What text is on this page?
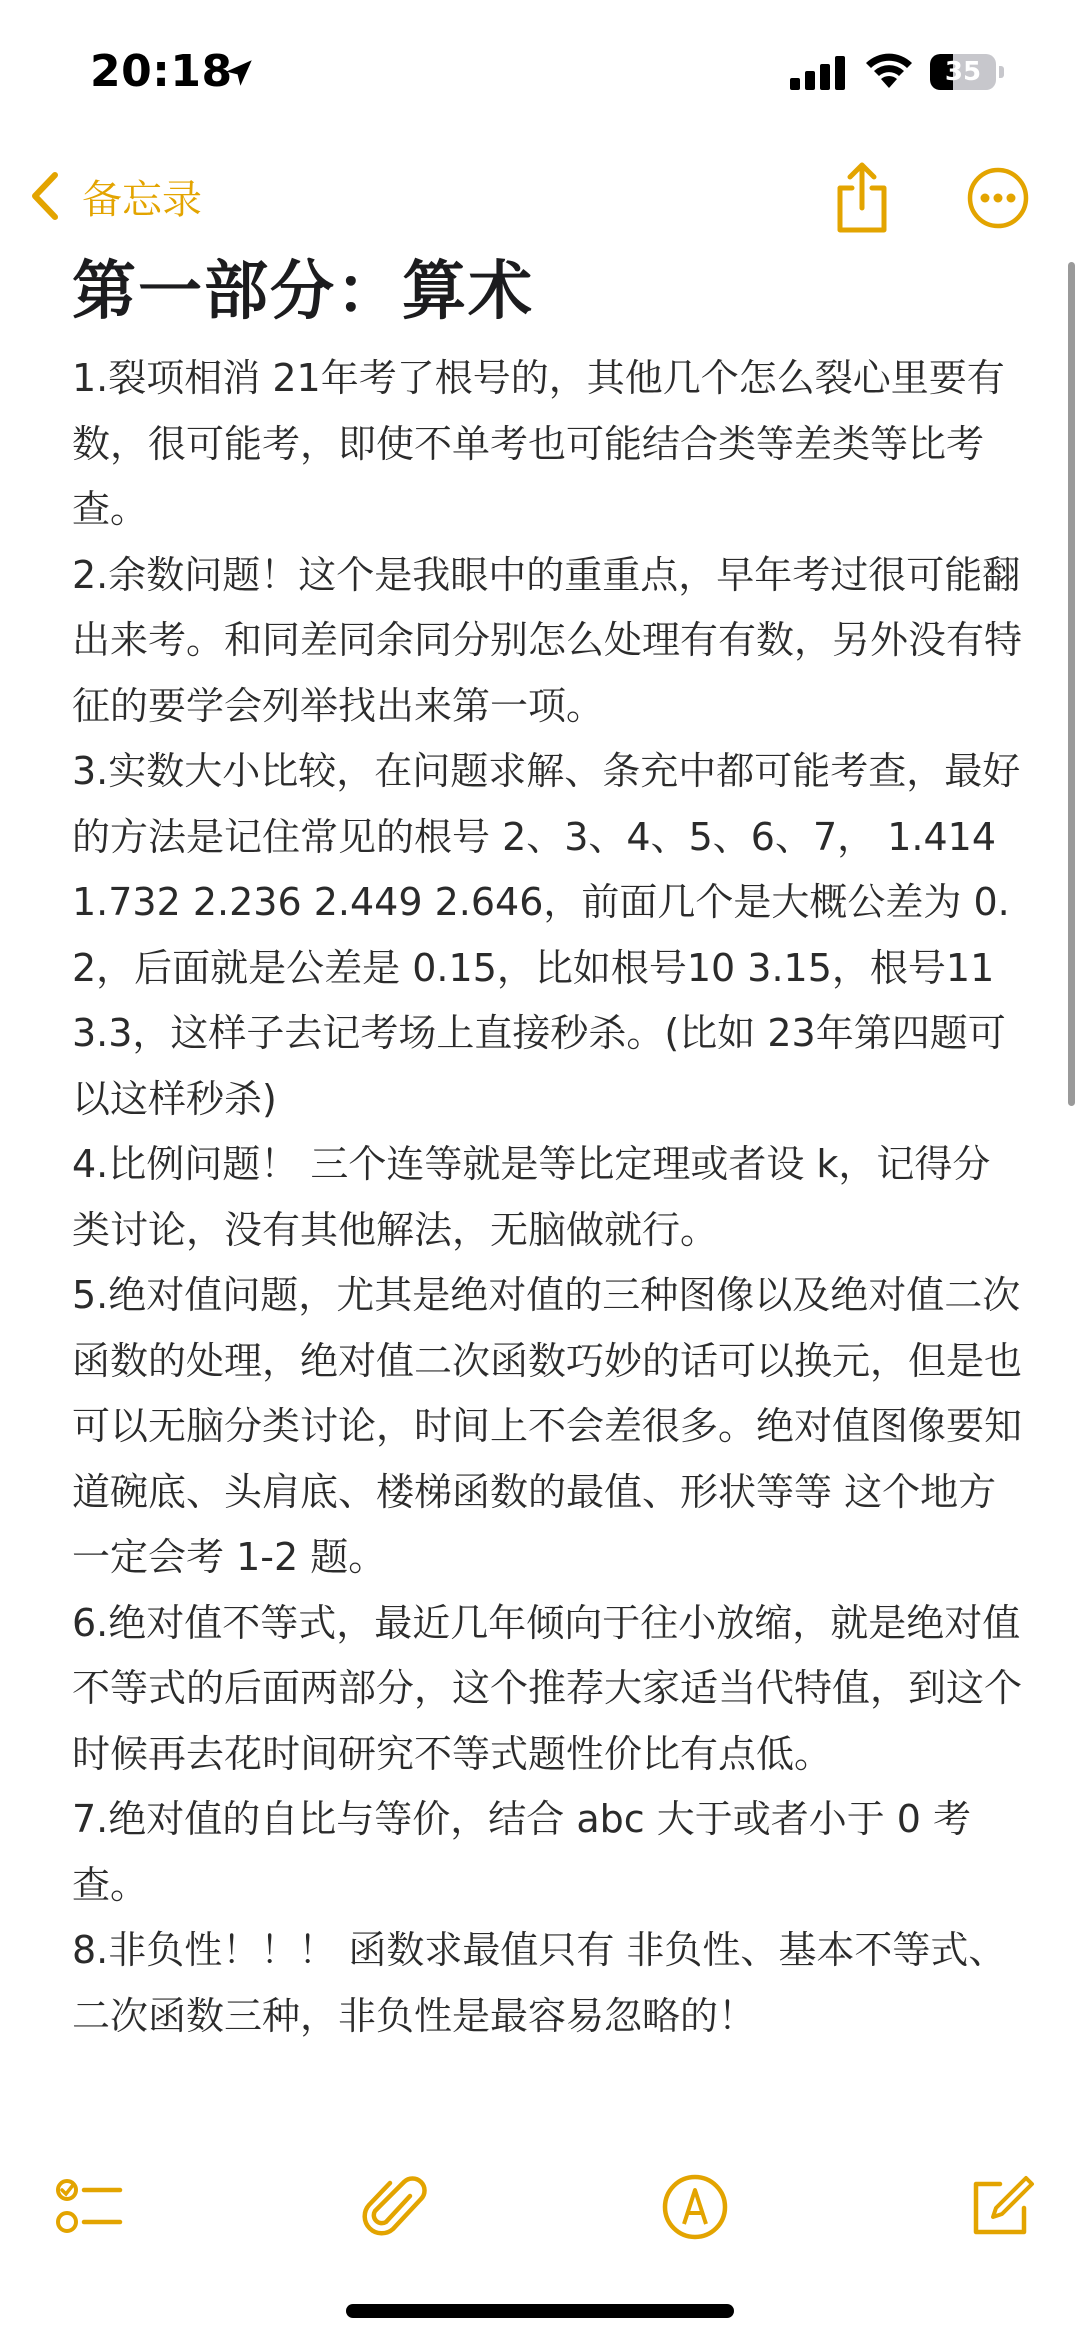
20:18	35
备忘录
第一部分：算术

1.裂项相消 21年考了根号的，其他几个怎么裂心里要有数，很可能考，即使不单考也可能结合类等差类等比考查。

2.余数问题！这个是我眼中的重重点，早年考过很可能翻出来考。和同差同余同分别怎么处理有有数，另外没有特征的要学会列举找出来第一项。

3.实数大小比较，在问题求解、条充中都可能考查，最好的方法是记住常见的根号 2、3、4、5、6、7， 1.414 1.732 2.236 2.449 2.646，前面几个是大概公差为 0.2，后面就是公差是 0.15，比如根号10 3.15，根号11 3.3，这样子去记考场上直接秒杀。(比如 23年第四题可以这样秒杀)

4.比例问题！ 三个连等就是等比定理或者设 k，记得分类讨论，没有其他解法，无脑做就行。

5.绝对值问题，尤其是绝对值的三种图像以及绝对值二次函数的处理，绝对值二次函数巧妙的话可以换元，但是也可以无脑分类讨论，时间上不会差很多。绝对值图像要知道碗底、头肩底、楼梯函数的最值、形状等等 这个地方一定会考 1-2 题。

6.绝对值不等式，最近几年倾向于往小放缩，就是绝对值不等式的后面两部分，这个推荐大家适当代特值，到这个时候再去花时间研究不等式题性价比有点低。

7.绝对值的自比与等价，结合 abc 大于或者小于 0 考查。

8.非负性！！！ 函数求最值只有 非负性、基本不等式、二次函数三种，非负性是最容易忽略的！
